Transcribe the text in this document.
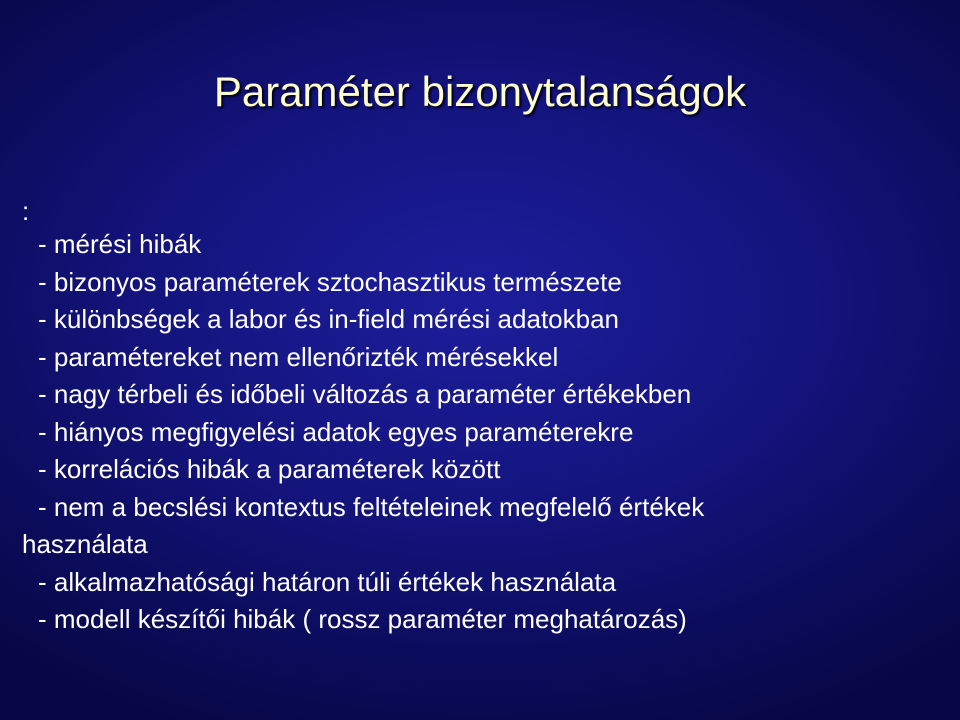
Paraméter bizonytalanságok
:
- mérési hibák
- bizonyos paraméterek sztochasztikus természete
- különbségek a labor és in-field mérési adatokban
- paramétereket nem ellenőrizték mérésekkel
- nagy térbeli és időbeli változás a paraméter értékekben
- hiányos megfigyelési adatok egyes paraméterekre
- korrelációs hibák a paraméterek között
- nem a becslési kontextus feltételeinek megfelelő értékek
használata
- alkalmazhatósági határon túli értékek használata
- modell készítői hibák ( rossz paraméter meghatározás)
